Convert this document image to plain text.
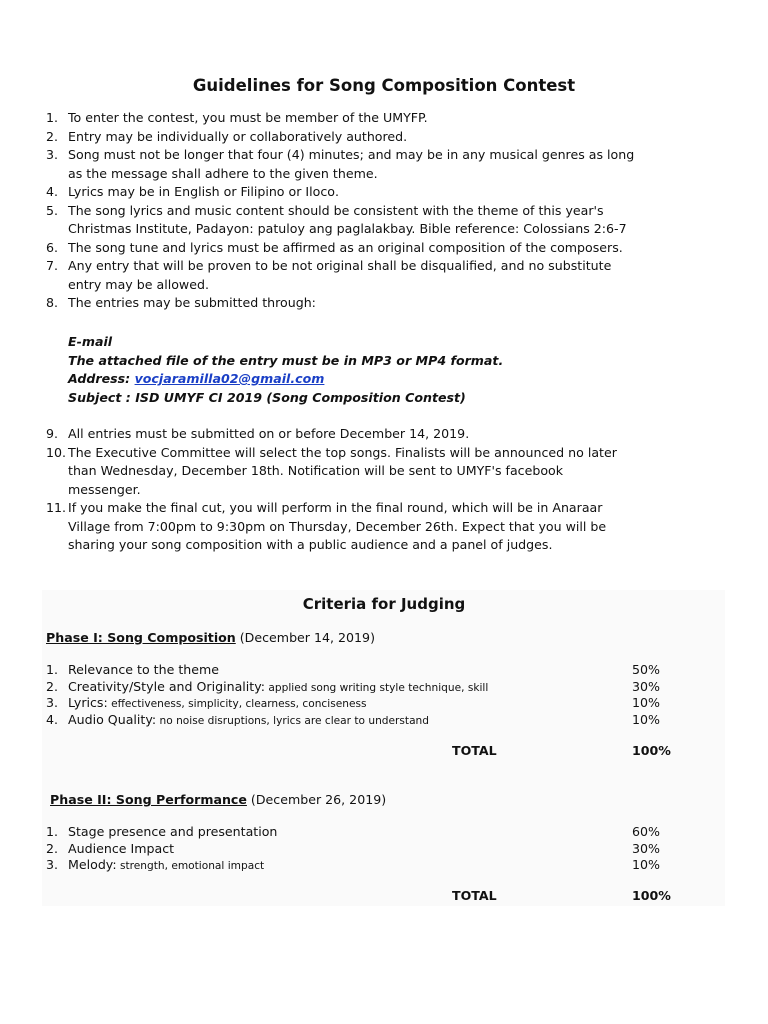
Guidelines for Song Composition Contest
1. To enter the contest, you must be member of the UMYFP.
2. Entry may be individually or collaboratively authored.
3. Song must not be longer that four (4) minutes; and may be in any musical genres as long
as the message shall adhere to the given theme.
4. Lyrics may be in English or Filipino or Ilocо.
5. The song lyrics and music content should be consistent with the theme of this year's
Christmas Institute, Padayon: patuloy ang paglalakbay. Bible reference: Colossians 2:6-7
6. The song tune and lyrics must be affirmed as an original composition of the composers.
7. Any entry that will be proven to be not original shall be disqualified, and no substitute
entry may be allowed.
8. The entries may be submitted through:
E-mail
The attached file of the entry must be in MP3 or MP4 format.
Address: vocjaramilla02@gmail.com
Subject : ISD UMYF CI 2019 (Song Composition Contest)
9. All entries must be submitted on or before December 14, 2019.
10. The Executive Committee will select the top songs. Finalists will be announced no later
than Wednesday, December 18th. Notification will be sent to UMYF's facebook
messenger.
11. If you make the final cut, you will perform in the final round, which will be in Anaraar
Village from 7:00pm to 9:30pm on Thursday, December 26th. Expect that you will be
sharing your song composition with a public audience and a panel of judges.
Criteria for Judging
Phase I: Song Composition (December 14, 2019)
1. Relevance to the theme	50%
2. Creativity/Style and Originality: applied song writing style technique, skill	30%
3. Lyrics: effectiveness, simplicity, clearness, conciseness	10%
4. Audio Quality: no noise disruptions, lyrics are clear to understand	10%
TOTAL	100%
Phase II: Song Performance (December 26, 2019)
1. Stage presence and presentation	60%
2. Audience Impact	30%
3. Melody: strength, emotional impact	10%
TOTAL	100%
